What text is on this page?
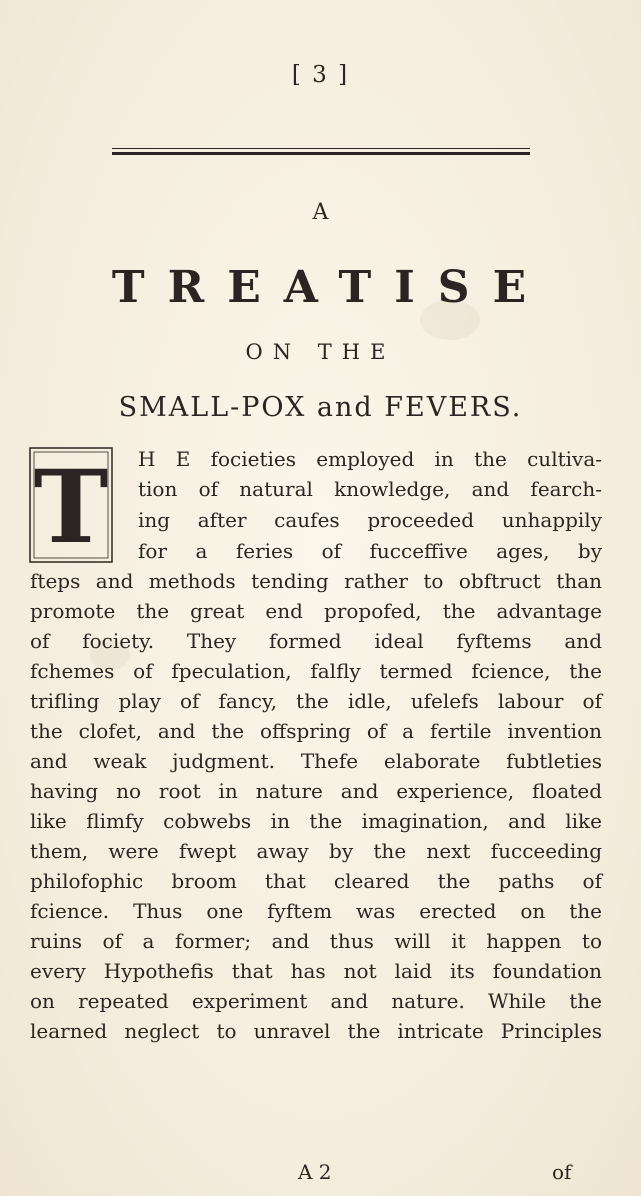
[ 3 ]
A
TREATISE
ON THE
SMALL-POX and FEVERS.
T H E focieties employed in the cultiva-
tion of natural knowledge, and fearch-
ing after caufes proceeded unhappily
for a feries of fucceffive ages, by
fteps and methods tending rather to obftruct than
promote the great end propofed, the advantage
of fociety. They formed ideal fyftems and
fchemes of fpeculation, falfly termed fcience, the
trifling play of fancy, the idle, ufelefs labour of
the clofet, and the offspring of a fertile invention
and weak judgment. Thefe elaborate fubtleties
having no root in nature and experience, floated
like flimfy cobwebs in the imagination, and like
them, were fwept away by the next fucceeding
philofophic broom that cleared the paths of
fcience. Thus one fyftem was erected on the
ruins of a former; and thus will it happen to
every Hypothefis that has not laid its foundation
on repeated experiment and nature. While the
learned neglect to unravel the intricate Principles
A 2	of
